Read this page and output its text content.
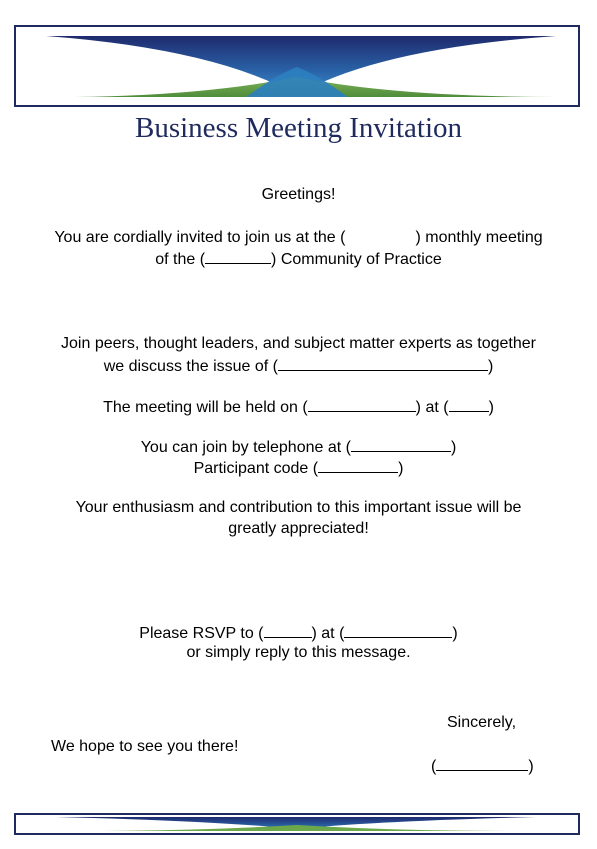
Business Meeting Invitation
Greetings!
You are cordially invited to join us at the (	) monthly meeting
of the (	) Community of Practice
Join peers, thought leaders, and subject matter experts as together
we discuss the issue of (	)
The meeting will be held on (	) at (	)
You can join by telephone at (	)
Participant code (	)
Your enthusiasm and contribution to this important issue will be
greatly appreciated!
Please RSVP to (	) at (	)
or simply reply to this message.
Sincerely,
We hope to see you there!
(	)
